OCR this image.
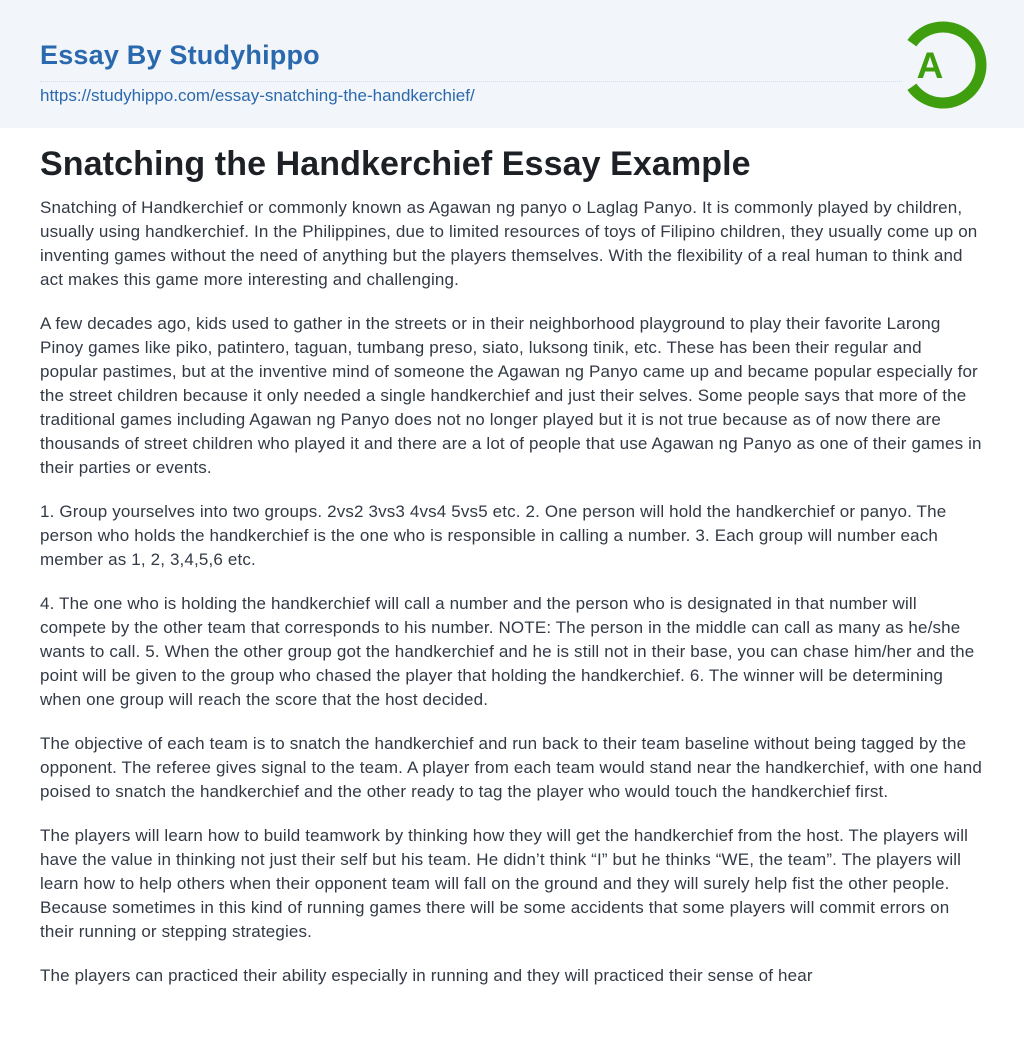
Essay By Studyhippo
https://studyhippo.com/essay-snatching-the-handkerchief/
A
Snatching the Handkerchief Essay Example

Snatching of Handkerchief or commonly known as Agawan ng panyo o Laglag Panyo. It is commonly played by children, usually using handkerchief. In the Philippines, due to limited resources of toys of Filipino children, they usually come up on inventing games without the need of anything but the players themselves. With the flexibility of a real human to think and act makes this game more interesting and challenging.

A few decades ago, kids used to gather in the streets or in their neighborhood playground to play their favorite Larong Pinoy games like piko, patintero, taguan, tumbang preso, siato, luksong tinik, etc. These has been their regular and popular pastimes, but at the inventive mind of someone the Agawan ng Panyo came up and became popular especially for the street children because it only needed a single handkerchief and just their selves. Some people says that more of the traditional games including Agawan ng Panyo does not no longer played but it is not true because as of now there are thousands of street children who played it and there are a lot of people that use Agawan ng Panyo as one of their games in their parties or events.

1. Group yourselves into two groups. 2vs2 3vs3 4vs4 5vs5 etc. 2. One person will hold the handkerchief or panyo. The person who holds the handkerchief is the one who is responsible in calling a number. 3. Each group will number each member as 1, 2, 3,4,5,6 etc.

4. The one who is holding the handkerchief will call a number and the person who is designated in that number will compete by the other team that corresponds to his number. NOTE: The person in the middle can call as many as he/she wants to call. 5. When the other group got the handkerchief and he is still not in their base, you can chase him/her and the point will be given to the group who chased the player that holding the handkerchief. 6. The winner will be determining when one group will reach the score that the host decided.

The objective of each team is to snatch the handkerchief and run back to their team baseline without being tagged by the opponent. The referee gives signal to the team. A player from each team would stand near the handkerchief, with one hand poised to snatch the handkerchief and the other ready to tag the player who would touch the handkerchief first.

The players will learn how to build teamwork by thinking how they will get the handkerchief from the host. The players will have the value in thinking not just their self but his team. He didn’t think “I” but he thinks “WE, the team”. The players will learn how to help others when their opponent team will fall on the ground and they will surely help fist the other people. Because sometimes in this kind of running games there will be some accidents that some players will commit errors on their running or stepping strategies.

The players can practiced their ability especially in running and they will practiced their sense of hear
